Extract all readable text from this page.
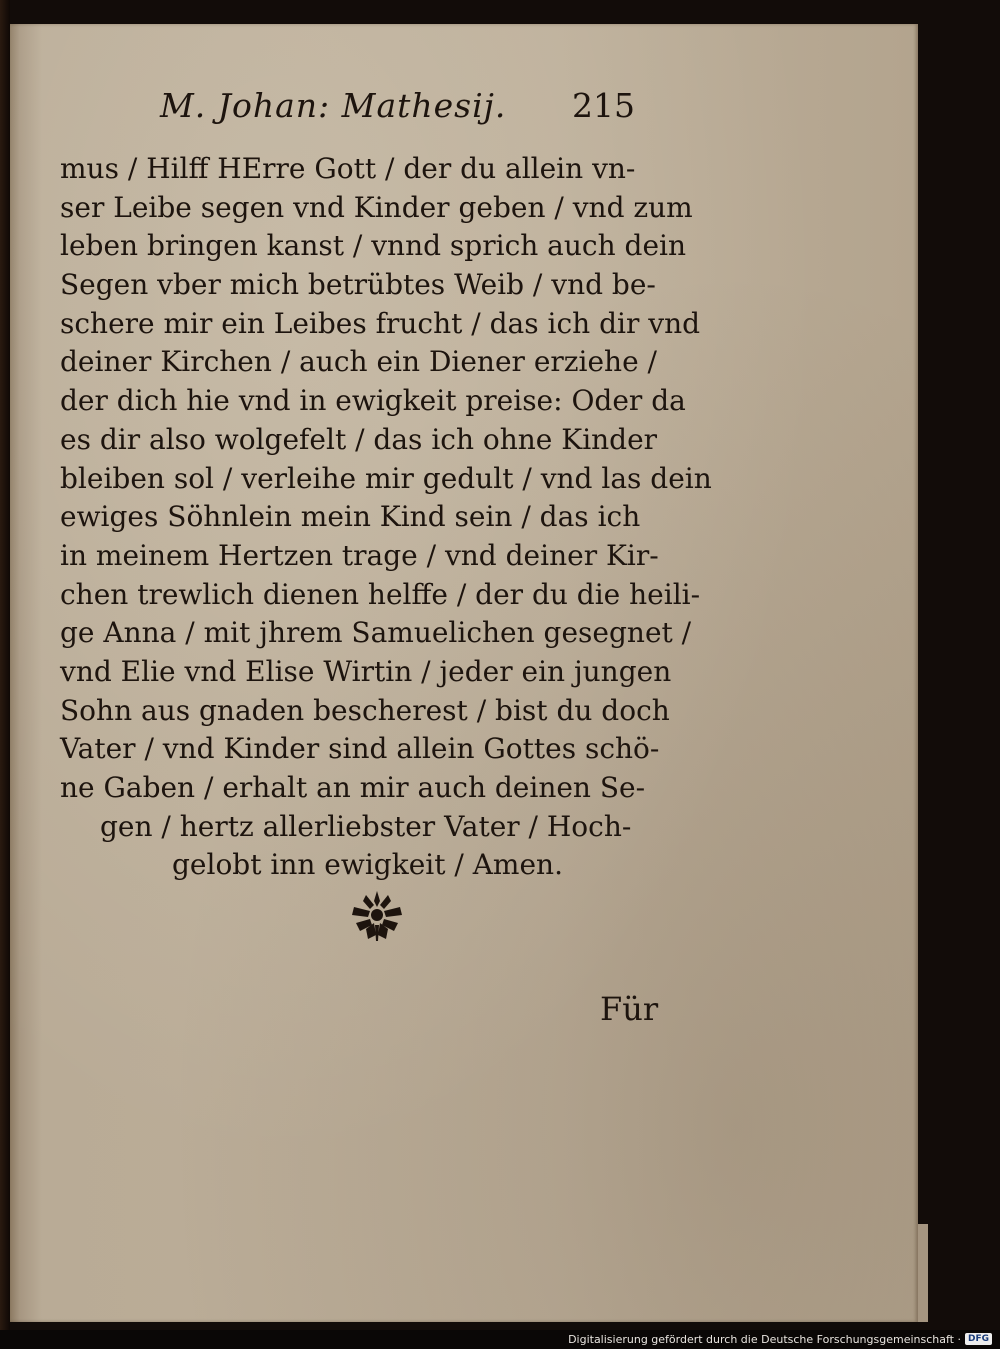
M. Johan: Mathesij. 215
mus / Hilff HErre Gott / der du allein vn-
ser Leibe segen vnd Kinder geben / vnd zum
leben bringen kanst / vnnd sprich auch dein
Segen vber mich betrübtes Weib / vnd be-
schere mir ein Leibes frucht / das ich dir vnd
deiner Kirchen / auch ein Diener erziehe /
der dich hie vnd in ewigkeit preise: Oder da
es dir also wolgefelt / das ich ohne Kinder
bleiben sol / verleihe mir gedult / vnd las dein
ewiges Söhnlein mein Kind sein / das ich
in meinem Hertzen trage / vnd deiner Kir-
chen trewlich dienen helffe / der du die heili-
ge Anna / mit jhrem Samuelichen gesegnet /
vnd Elie vnd Elise Wirtin / jeder ein jungen
Sohn aus gnaden bescherest / bist du doch
Vater / vnd Kinder sind allein Gottes schö-
ne Gaben / erhalt an mir auch deinen Se-
gen / hertz allerliebster Vater / Hoch-
gelobt inn ewigkeit / Amen.
Für
Digitalisierung gefördert durch die Deutsche Forschungsgemeinschaft · DFG
